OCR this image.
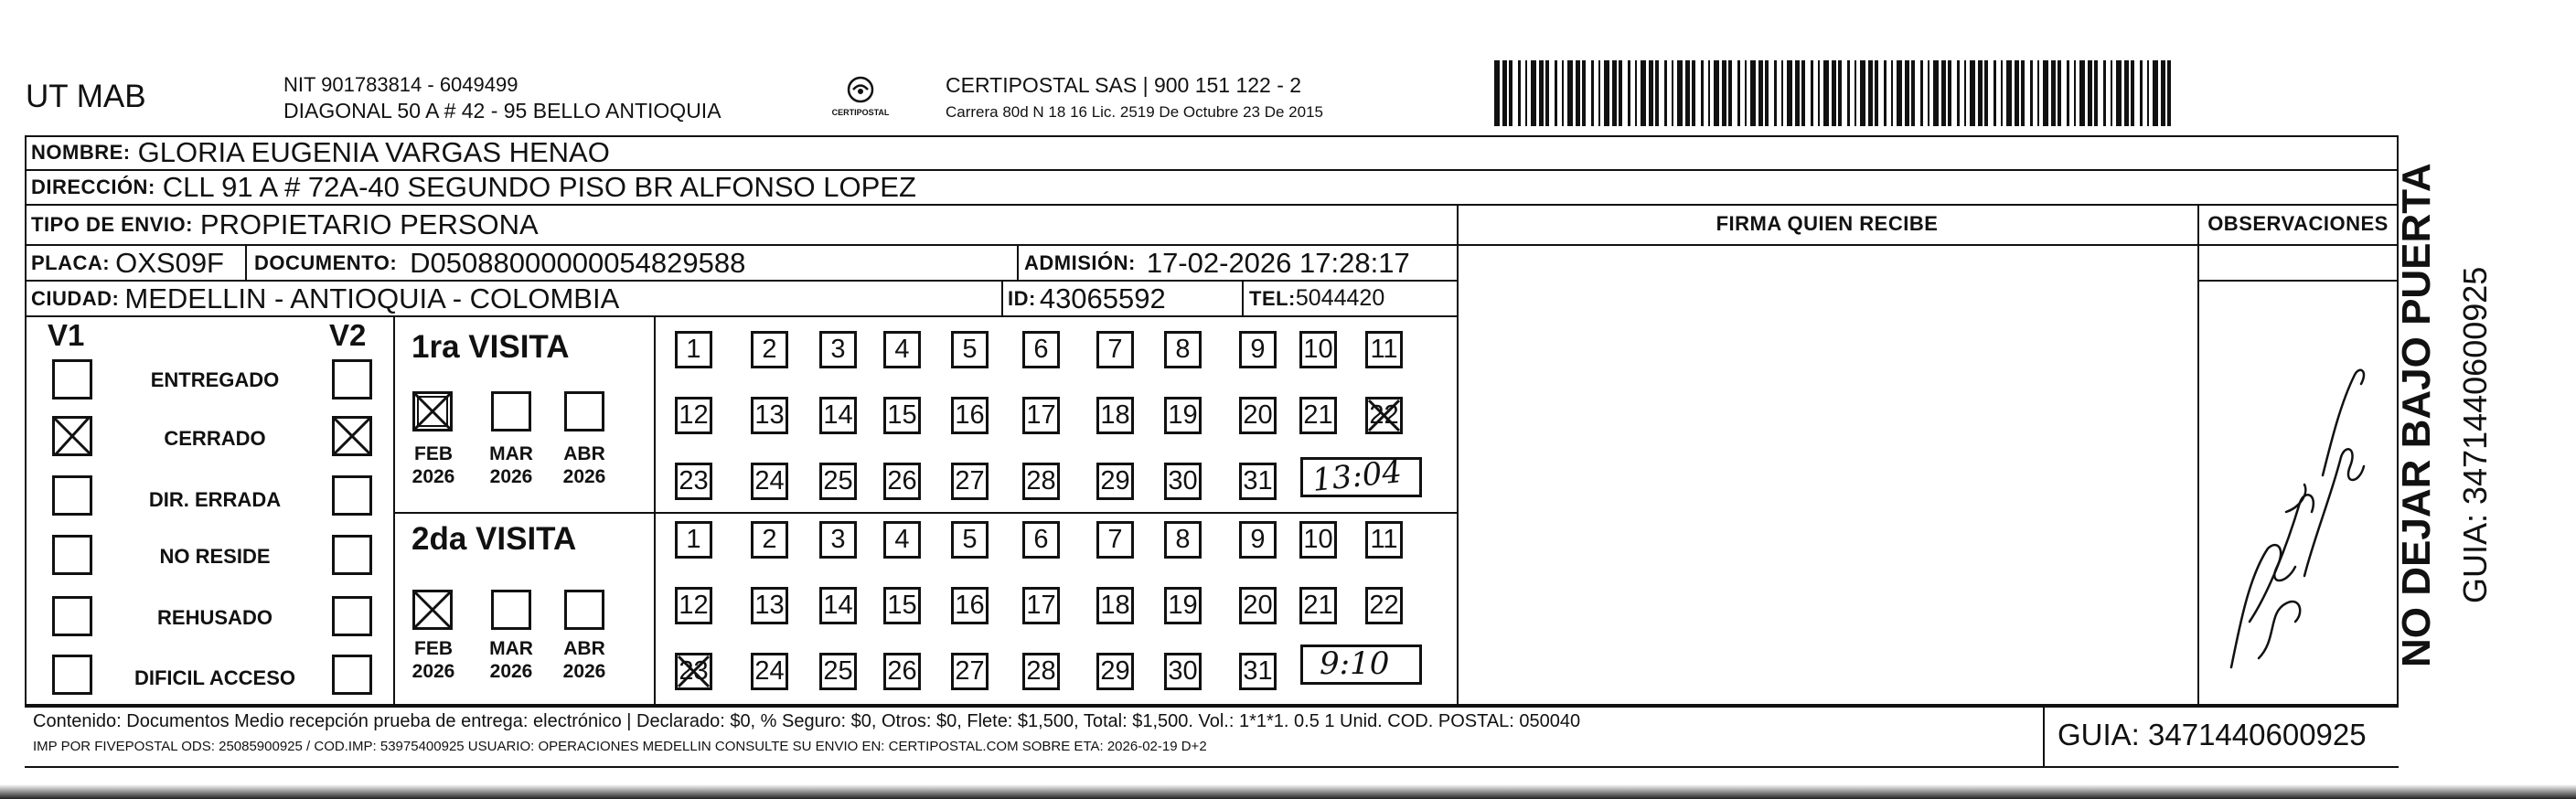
UT MAB	NIT 901783814 - 6049499
DIAGONAL 50 A # 42 - 95 BELLO ANTIOQUIA	CERTIPOSTAL
CERTIPOSTAL SAS | 900 151 122 - 2
Carrera 80d N 18 16 Lic. 2519 De Octubre 23 De 2015
NOMBRE: GLORIA EUGENIA VARGAS HENAO
DIRECCIÓN: CLL 91 A # 72A-40 SEGUNDO PISO BR ALFONSO LOPEZ
TIPO DE ENVIO: PROPIETARIO PERSONA	FIRMA QUIEN RECIBE	OBSERVACIONES
PLACA: OXS09F DOCUMENTO: D05088000000054829588	ADMISIÓN: 17-02-2026 17:28:17
CIUDAD: MEDELLIN - ANTIOQUIA - COLOMBIA	ID: 43065592	TEL: 5044420
V1	V2
ENTREGADO
CERRADO
DIR. ERRADA
NO RESIDE
REHUSADO
DIFICIL ACCESO
1ra VISITA
FEB
2026
MAR
2026
ABR
2026
2da VISITA
FEB
2026
MAR
2026
ABR
2026
1	2	3	4	5	6	7	8	9	10 11
12 13 14 15 16 17 18 19 20 21 22
23 24 25 26 27 28 29 30 31
1	2	3	4	5	6	7	8	9	10 11
12 13 14 15 16 17 18 19 20 21 22
23 24 25 26 27 28 29 30 31
13:04
9:10
Contenido: Documentos Medio recepción prueba de entrega: electrónico | Declarado: $0, % Seguro: $0, Otros: $0, Flete: $1,500, Total: $1,500. Vol.: 1*1*1. 0.5 1 Unid. COD. POSTAL: 050040
IMP POR FIVEPOSTAL ODS: 25085900925 / COD.IMP: 53975400925 USUARIO: OPERACIONES MEDELLIN CONSULTE SU ENVIO EN: CERTIPOSTAL.COM SOBRE ETA: 2026-02-19 D+2	GUIA: 3471440600925
NO DEJAR BAJO PUERTA GUIA: 3471440600925
